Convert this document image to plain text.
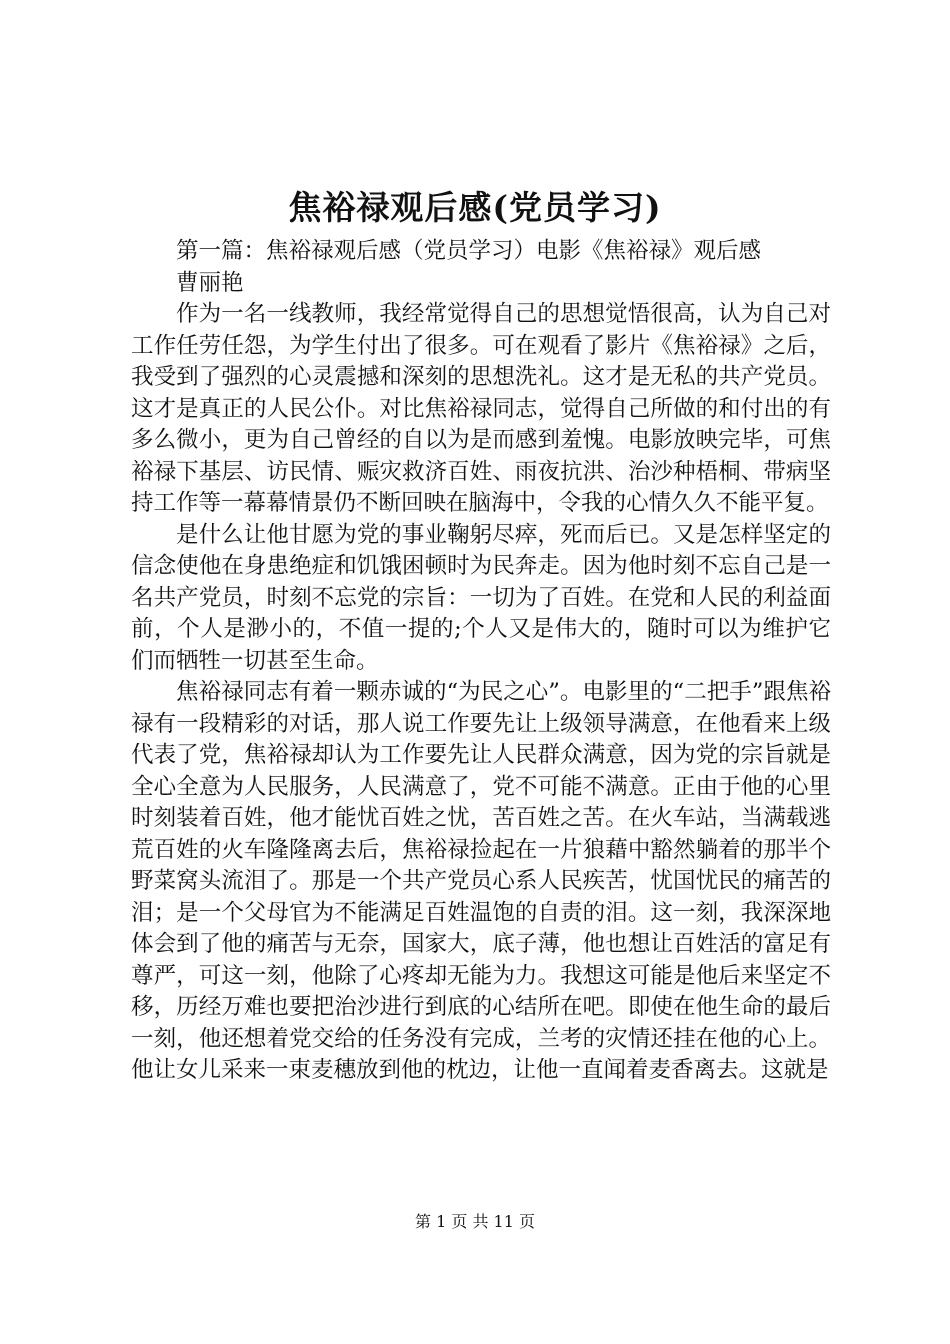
焦裕禄观后感(党员学习)

第一篇：焦裕禄观后感（党员学习）电影《焦裕禄》观后感

曹丽艳

作为一名一线教师，我经常觉得自己的思想觉悟很高，认为自己对工作任劳任怨，为学生付出了很多。可在观看了影片《焦裕禄》之后，我受到了强烈的心灵震撼和深刻的思想洗礼。这才是无私的共产党员。这才是真正的人民公仆。对比焦裕禄同志，觉得自己所做的和付出的有多么微小，更为自己曾经的自以为是而感到羞愧。电影放映完毕，可焦裕禄下基层、访民情、赈灾救济百姓、雨夜抗洪、治沙种梧桐、带病坚持工作等一幕幕情景仍不断回映在脑海中，令我的心情久久不能平复。

是什么让他甘愿为党的事业鞠躬尽瘁，死而后已。又是怎样坚定的信念使他在身患绝症和饥饿困顿时为民奔走。因为他时刻不忘自己是一名共产党员，时刻不忘党的宗旨：一切为了百姓。在党和人民的利益面前，个人是渺小的，不值一提的;个人又是伟大的，随时可以为维护它们而牺牲一切甚至生命。

焦裕禄同志有着一颗赤诚的“为民之心”。电影里的“二把手”跟焦裕禄有一段精彩的对话，那人说工作要先让上级领导满意，在他看来上级代表了党，焦裕禄却认为工作要先让人民群众满意，因为党的宗旨就是全心全意为人民服务，人民满意了，党不可能不满意。正由于他的心里时刻装着百姓，他才能忧百姓之忧，苦百姓之苦。在火车站，当满载逃荒百姓的火车隆隆离去后，焦裕禄捡起在一片狼藉中豁然躺着的那半个野菜窝头流泪了。那是一个共产党员心系人民疾苦，忧国忧民的痛苦的泪；是一个父母官为不能满足百姓温饱的自责的泪。这一刻，我深深地体会到了他的痛苦与无奈，国家大，底子薄，他也想让百姓活的富足有尊严，可这一刻，他除了心疼却无能为力。我想这可能是他后来坚定不移，历经万难也要把治沙进行到底的心结所在吧。即使在他生命的最后一刻，他还想着党交给的任务没有完成，兰考的灾情还挂在他的心上。他让女儿采来一束麦穗放到他的枕边，让他一直闻着麦香离去。这就是

第 1 页 共 11 页
